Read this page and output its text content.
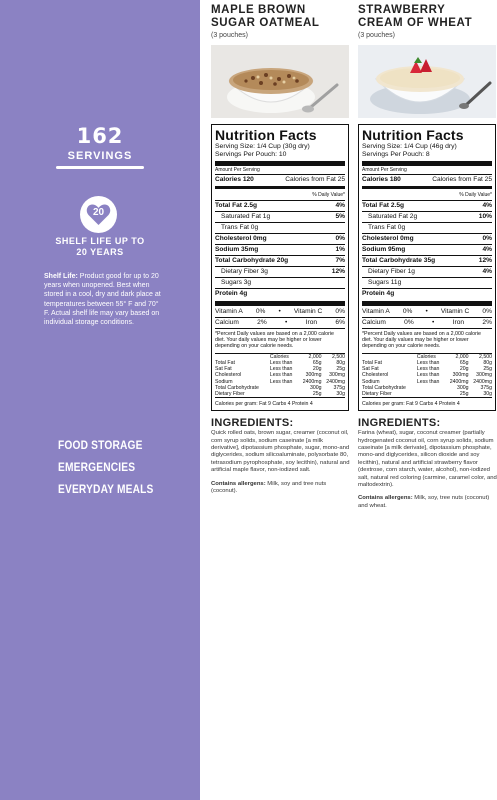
162
SERVINGS
20
SHELF LIFE UP TO
20 YEARS
Shelf Life: Product good for up to 20 years when unopened. Best when stored in a cool, dry and dark place at temperatures between 55° F and 70° F. Actual shelf life may vary based on individual storage conditions.
FOOD STORAGE
EMERGENCIES
EVERYDAY MEALS
MAPLE BROWN
SUGAR OATMEAL
(3 pouches)
Nutrition Facts
Serving Size: 1/4 Cup (30g dry)
Servings Per Pouch: 10
Amount Per Serving
Calories 120	Calories from Fat 25
% Daily Value*
Total Fat 2.5g	4%
Saturated Fat 1g	5%
Trans Fat 0g
Cholesterol 0mg	0%
Sodium 35mg	1%
Total Carbohydrate 20g	7%
Dietary Fiber 3g	12%
Sugars 3g
Protein 4g
Vitamin A 0% • Vitamin C 0%
Calcium	2%	•	Iron	6%
*Percent Daily values are based on a 2,000 calorie diet. Your daily values may be higher or lower depending on your calorie needs.
	Calories	2,000	2,500
Total Fat	Less than	65g	80g
Sat Fat	Less than	20g	25g
Cholesterol	Less than	300mg	300mg
Sodium	Less than	2400mg	2400mg
Total Carbohydrate		300g	375g
Dietary Fiber		25g	30g
Calories per gram: Fat 9 Carbs 4 Protein 4
INGREDIENTS:
Quick rolled oats, brown sugar, creamer (coconut oil, corn syrup solids, sodium caseinate [a milk derivative], dipotassium phosphate, sugar, mono-and diglycerides, sodium silicoaluminate, polysorbate 80, tetrasodium pyrophosphate, soy lecithin), natural and artificial maple flavor, non-iodized salt.
Contains allergens: Milk, soy and tree nuts (coconut).
STRAWBERRY
CREAM OF WHEAT
(3 pouches)
Nutrition Facts
Serving Size: 1/4 Cup (46g dry)
Servings Per Pouch: 8
Amount Per Serving
Calories 180	Calories from Fat 25
% Daily Value*
Total Fat 2.5g	4%
Saturated Fat 2g	10%
Trans Fat 0g
Cholesterol 0mg	0%
Sodium 95mg	4%
Total Carbohydrate 35g	12%
Dietary Fiber 1g	4%
Sugars 11g
Protein 4g
Vitamin A 0% • Vitamin C 0%
Calcium	0%	•	Iron	2%
*Percent Daily values are based on a 2,000 calorie diet. Your daily values may be higher or lower depending on your calorie needs.
	Calories	2,000	2,500
Total Fat	Less than	65g	80g
Sat Fat	Less than	20g	25g
Cholesterol	Less than	300mg	300mg
Sodium	Less than	2400mg	2400mg
Total Carbohydrate		300g	375g
Dietary Fiber		25g	30g
Calories per gram: Fat 9 Carbs 4 Protein 4
INGREDIENTS:
Farina (wheat), sugar, coconut creamer (partially hydrogenated coconut oil, corn syrup solids, sodium caseinate [a milk derivate], dipotassium phosphate, mono-and diglycerides, silicon dioxide and soy lecithin), natural and artificial strawberry flavor (dextrose, corn starch, water, alcohol), non-iodized salt, natural red coloring (carmine, caramel color, and maltodextrin).
Contains allergens: Milk, soy, tree nuts (coconut) and wheat.
